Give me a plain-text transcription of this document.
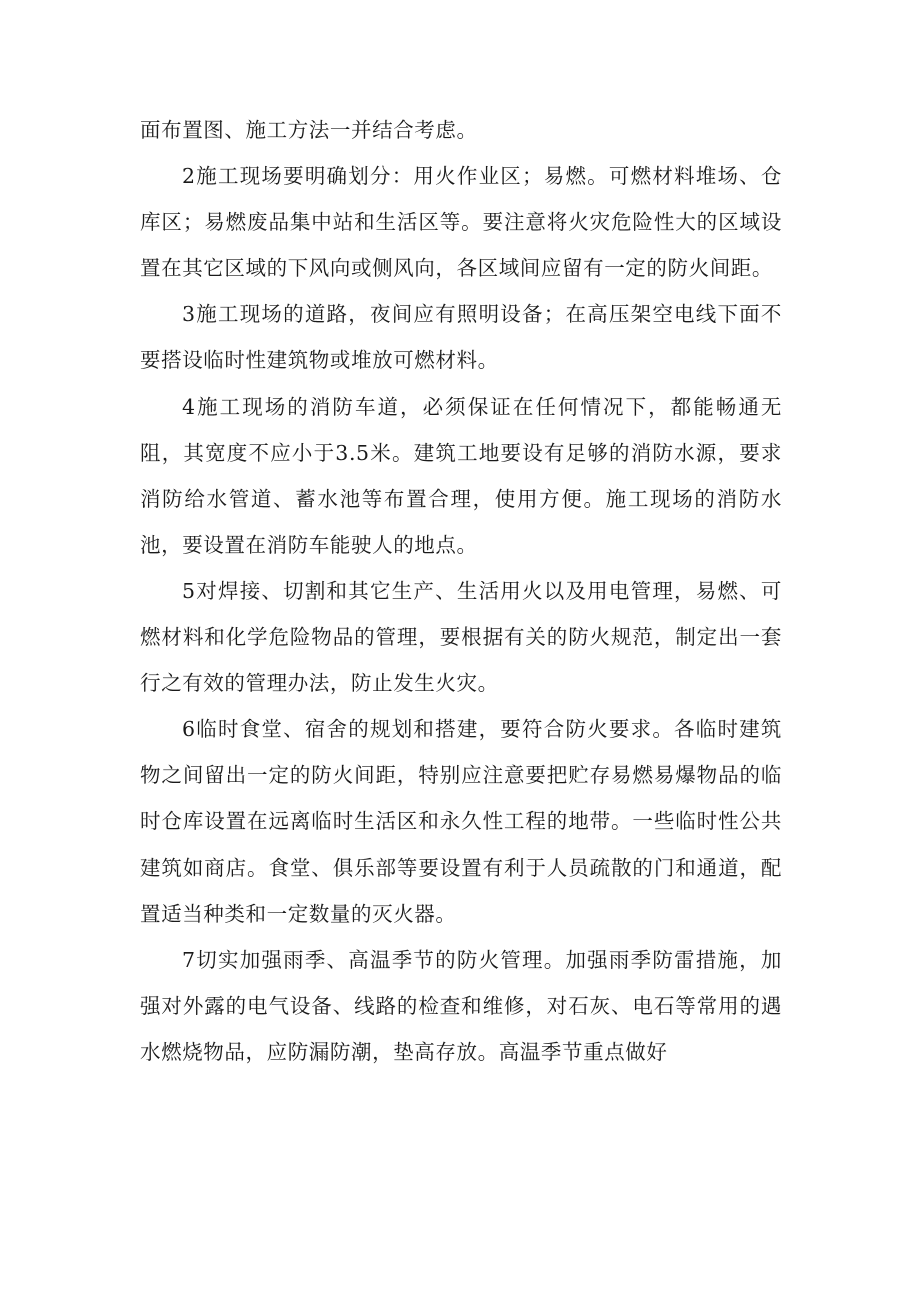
面布置图、施工方法一并结合考虑。

2施工现场要明确划分：用火作业区；易燃。可燃材料堆场、仓库区；易燃废品集中站和生活区等。要注意将火灾危险性大的区域设置在其它区域的下风向或侧风向，各区域间应留有一定的防火间距。

3施工现场的道路，夜间应有照明设备；在高压架空电线下面不要搭设临时性建筑物或堆放可燃材料。

4施工现场的消防车道，必须保证在任何情况下，都能畅通无阻，其宽度不应小于3.5米。建筑工地要设有足够的消防水源，要求消防给水管道、蓄水池等布置合理，使用方便。施工现场的消防水池，要设置在消防车能驶人的地点。

5对焊接、切割和其它生产、生活用火以及用电管理，易燃、可燃材料和化学危险物品的管理，要根据有关的防火规范，制定出一套行之有效的管理办法，防止发生火灾。

6临时食堂、宿舍的规划和搭建，要符合防火要求。各临时建筑物之间留出一定的防火间距，特别应注意要把贮存易燃易爆物品的临时仓库设置在远离临时生活区和永久性工程的地带。一些临时性公共建筑如商店。食堂、俱乐部等要设置有利于人员疏散的门和通道，配置适当种类和一定数量的灭火器。

7切实加强雨季、高温季节的防火管理。加强雨季防雷措施，加强对外露的电气设备、线路的检查和维修，对石灰、电石等常用的遇水燃烧物品，应防漏防潮，垫高存放。高温季节重点做好
